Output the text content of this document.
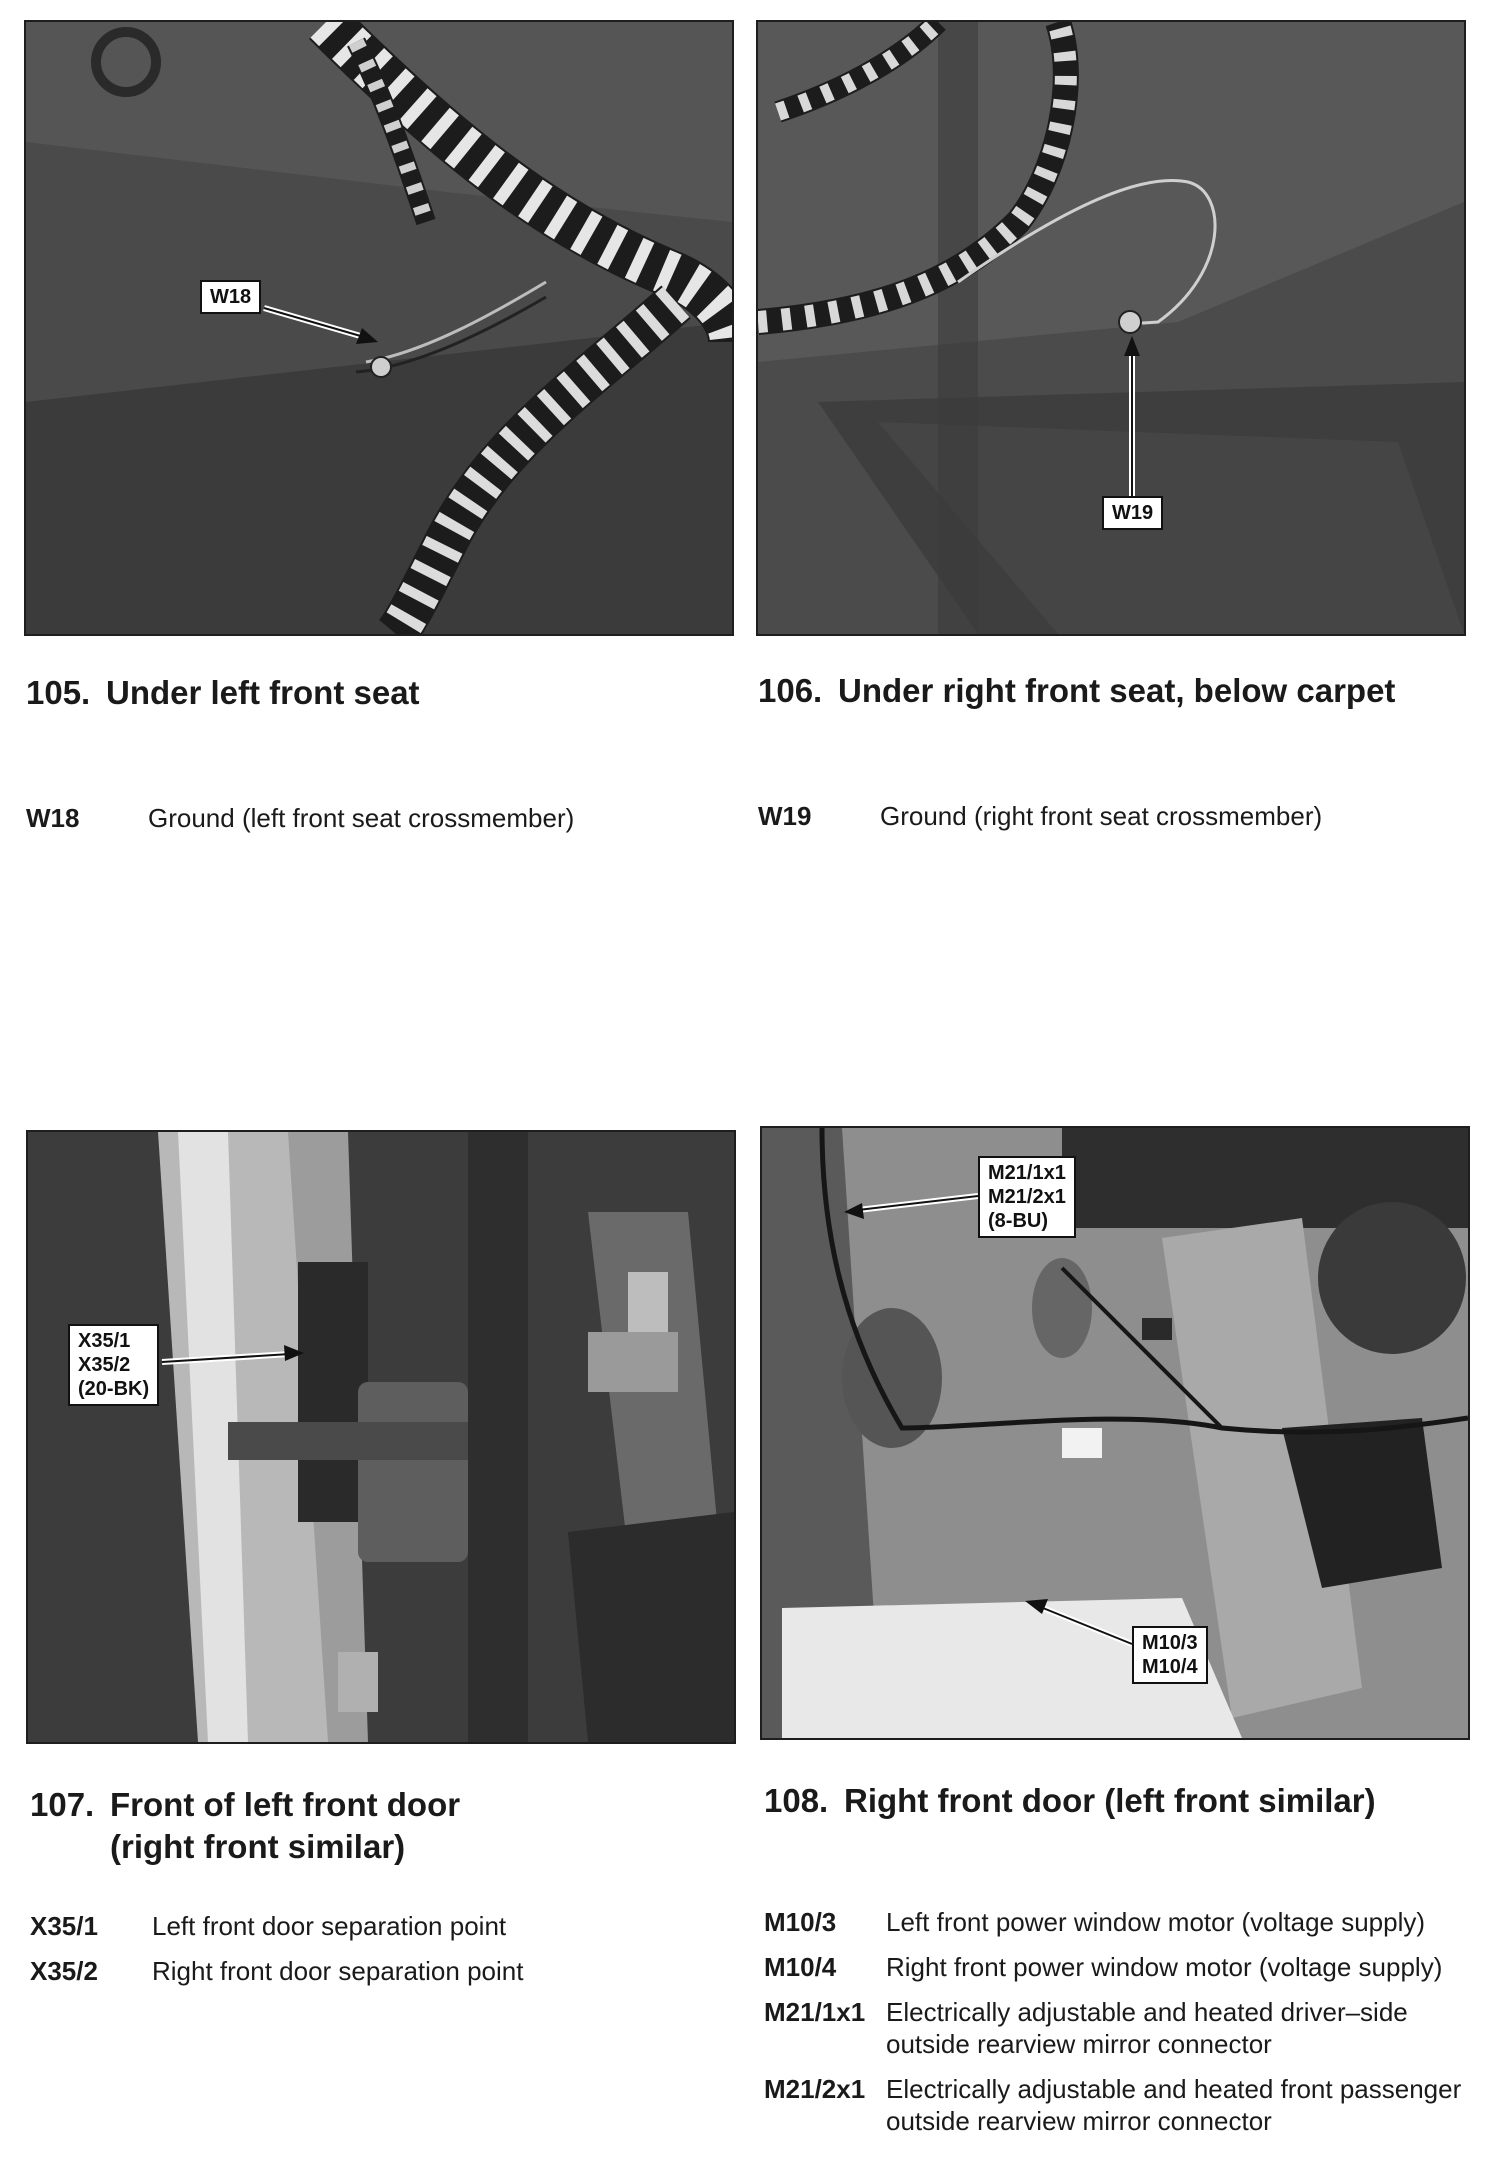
W18
105. Under left front seat
W18	Ground (left front seat crossmember)
W19
106. Under right front seat, below carpet
W19	Ground (right front seat crossmember)
X35/1
X35/2
(20-BK)
107. Front of left front door
(right front similar)
X35/1	Left front door separation point
X35/2	Right front door separation point
M21/1x1
M21/2x1
(8-BU)
M10/3
M10/4
108. Right front door (left front similar)
M10/3	Left front power window motor (voltage supply)
M10/4	Right front power window motor (voltage supply)
M21/1x1 Electrically adjustable and heated driver–side outside rearview mirror connector
M21/2x1 Electrically adjustable and heated front passenger outside rearview mirror connector
